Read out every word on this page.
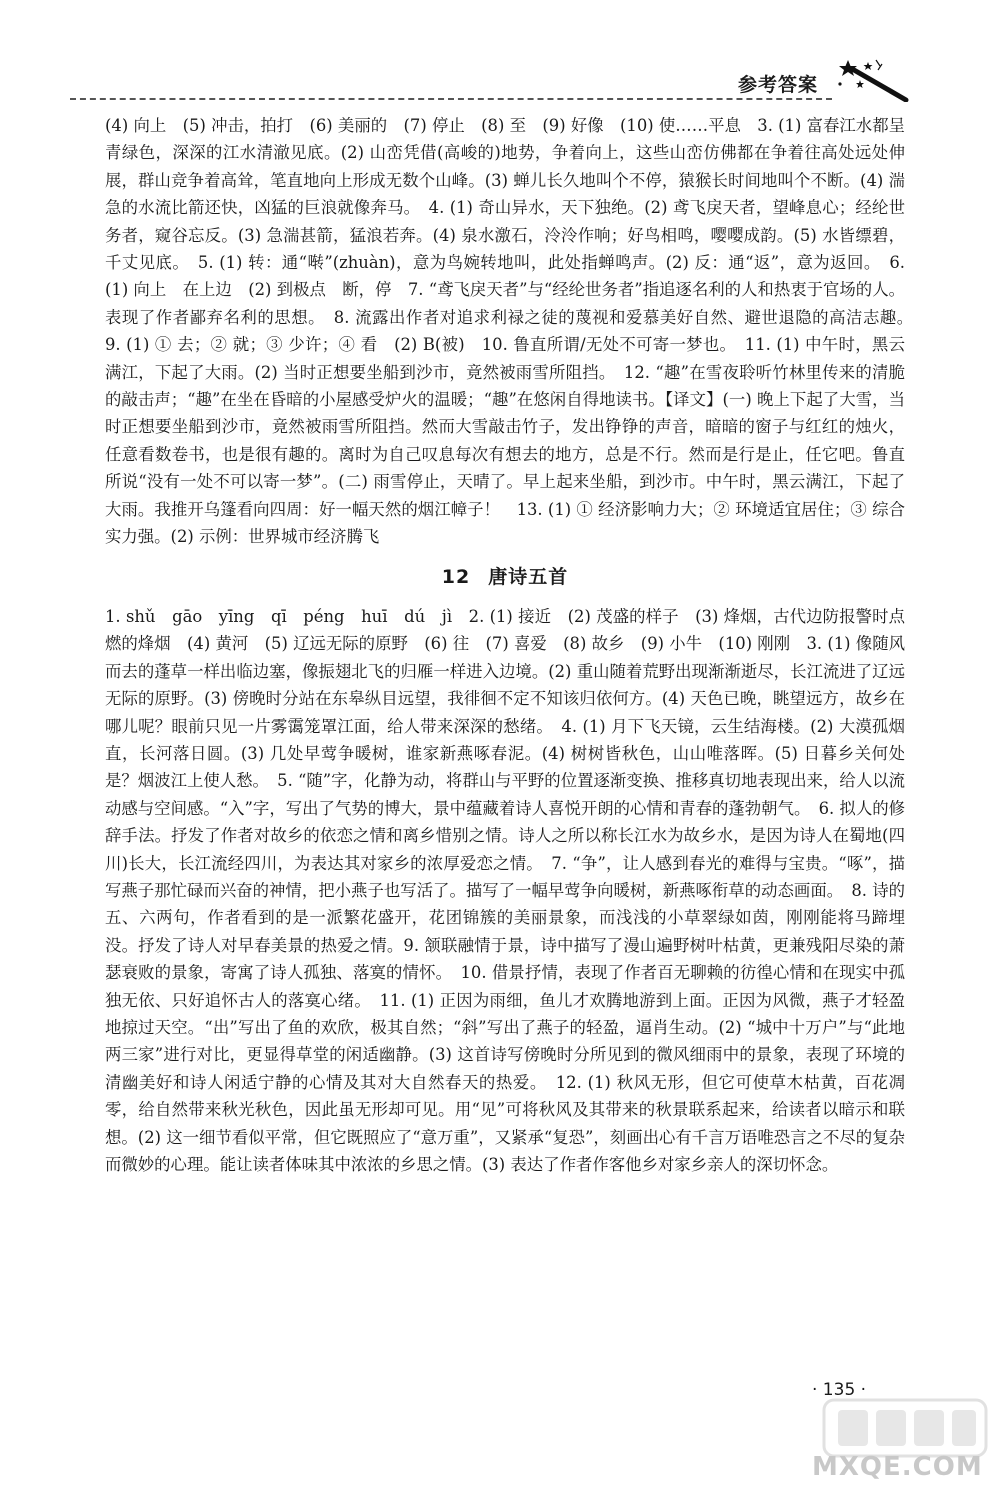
参考答案

(4) 向上　(5) 冲击，拍打　(6) 美丽的　(7) 停止　(8) 至　(9) 好像　(10) 使……平息　3. (1) 富春江水都呈青绿色，深深的江水清澈见底。(2) 山峦凭借(高峻的)地势，争着向上，这些山峦仿佛都在争着往高处远处伸展，群山竞争着高耸，笔直地向上形成无数个山峰。(3) 蝉儿长久地叫个不停，猿猴长时间地叫个不断。(4) 湍急的水流比箭还快，凶猛的巨浪就像奔马。　4. (1) 奇山异水，天下独绝。(2) 鸢飞戾天者，望峰息心；经纶世务者，窥谷忘反。(3) 急湍甚箭，猛浪若奔。(4) 泉水激石，泠泠作响；好鸟相鸣，嘤嘤成韵。(5) 水皆缥碧，千丈见底。　5. (1) 转：通“啭”(zhuàn)，意为鸟婉转地叫，此处指蝉鸣声。(2) 反：通“返”，意为返回。　6. (1) 向上　在上边　(2) 到极点　断，停　7. “鸢飞戾天者”与“经纶世务者”指追逐名利的人和热衷于官场的人。表现了作者鄙弃名利的思想。　8. 流露出作者对追求利禄之徒的蔑视和爱慕美好自然、避世退隐的高洁志趣。　9. (1) ① 去；② 就；③ 少许；④ 看　(2) B(被)　10. 鲁直所谓/无处不可寄一梦也。　11. (1) 中午时，黑云满江，下起了大雨。(2) 当时正想要坐船到沙市，竟然被雨雪所阻挡。　12. “趣”在雪夜聆听竹林里传来的清脆的敲击声；“趣”在坐在昏暗的小屋感受炉火的温暖；“趣”在悠闲自得地读书。【译文】(一) 晚上下起了大雪，当时正想要坐船到沙市，竟然被雨雪所阻挡。然而大雪敲击竹子，发出铮铮的声音，暗暗的窗子与红红的烛火，任意看数卷书，也是很有趣的。离时为自己叹息每次有想去的地方，总是不行。然而是行是止，任它吧。鲁直所说“没有一处不可以寄一梦”。(二) 雨雪停止，天晴了。早上起来坐船，到沙市。中午时，黑云满江，下起了大雨。我推开乌篷看向四周：好一幅天然的烟江幛子！　13. (1) ① 经济影响力大；② 环境适宜居住；③ 综合实力强。(2) 示例：世界城市经济腾飞

12 唐诗五首

1. shǔ　gāo　yīng　qī　péng　huī　dú　jì　2. (1) 接近　(2) 茂盛的样子　(3) 烽烟，古代边防报警时点燃的烽烟　(4) 黄河　(5) 辽远无际的原野　(6) 往　(7) 喜爱　(8) 故乡　(9) 小牛　(10) 刚刚　3. (1) 像随风而去的蓬草一样出临边塞，像振翅北飞的归雁一样进入边境。(2) 重山随着荒野出现渐渐逝尽，长江流进了辽远无际的原野。(3) 傍晚时分站在东皋纵目远望，我徘徊不定不知该归依何方。(4) 天色已晚，眺望远方，故乡在哪儿呢？眼前只见一片雾霭笼罩江面，给人带来深深的愁绪。　4. (1) 月下飞天镜，云生结海楼。(2) 大漠孤烟直，长河落日圆。(3) 几处早莺争暖树，谁家新燕啄春泥。(4) 树树皆秋色，山山唯落晖。(5) 日暮乡关何处是？烟波江上使人愁。　5. “随”字，化静为动，将群山与平野的位置逐渐变换、推移真切地表现出来，给人以流动感与空间感。“入”字，写出了气势的博大，景中蕴藏着诗人喜悦开朗的心情和青春的蓬勃朝气。　6. 拟人的修辞手法。抒发了作者对故乡的依恋之情和离乡惜别之情。诗人之所以称长江水为故乡水，是因为诗人在蜀地(四川)长大，长江流经四川，为表达其对家乡的浓厚爱恋之情。　7. “争”，让人感到春光的难得与宝贵。“啄”，描写燕子那忙碌而兴奋的神情，把小燕子也写活了。描写了一幅早莺争向暖树，新燕啄衔草的动态画面。　8. 诗的五、六两句，作者看到的是一派繁花盛开，花团锦簇的美丽景象，而浅浅的小草翠绿如茵，刚刚能将马蹄埋没。抒发了诗人对早春美景的热爱之情。9. 颔联融情于景，诗中描写了漫山遍野树叶枯黄，更兼残阳尽染的萧瑟衰败的景象，寄寓了诗人孤独、落寞的情怀。　10. 借景抒情，表现了作者百无聊赖的彷徨心情和在现实中孤独无依、只好追怀古人的落寞心绪。　11. (1) 正因为雨细，鱼儿才欢腾地游到上面。正因为风微，燕子才轻盈地掠过天空。“出”写出了鱼的欢欣，极其自然；“斜”写出了燕子的轻盈，逼肖生动。(2) “城中十万户”与“此地两三家”进行对比，更显得草堂的闲适幽静。(3) 这首诗写傍晚时分所见到的微风细雨中的景象，表现了环境的清幽美好和诗人闲适宁静的心情及其对大自然春天的热爱。　12. (1) 秋风无形，但它可使草木枯黄，百花凋零，给自然带来秋光秋色，因此虽无形却可见。用“见”可将秋风及其带来的秋景联系起来，给读者以暗示和联想。(2) 这一细节看似平常，但它既照应了“意万重”，又紧承“复恐”，刻画出心有千言万语唯恐言之不尽的复杂而微妙的心理。能让读者体味其中浓浓的乡思之情。(3) 表达了作者作客他乡对家乡亲人的深切怀念。

· 135 ·
MXQE.COM
